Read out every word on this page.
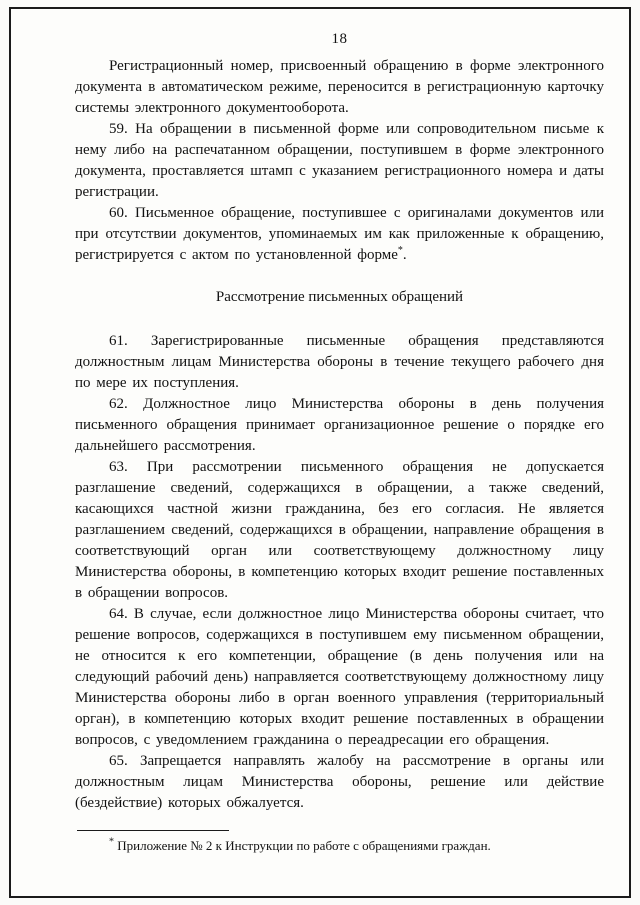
18

Регистрационный номер, присвоенный обращению в форме электронного документа в автоматическом режиме, переносится в регистрационную карточку системы электронного документооборота.

59. На обращении в письменной форме или сопроводительном письме к нему либо на распечатанном обращении, поступившем в форме электронного документа, проставляется штамп с указанием регистрационного номера и даты регистрации.

60. Письменное обращение, поступившее с оригиналами документов или при отсутствии документов, упоминаемых им как приложенные к обращению, регистрируется с актом по установленной форме*.

Рассмотрение письменных обращений

61. Зарегистрированные письменные обращения представляются должностным лицам Министерства обороны в течение текущего рабочего дня по мере их поступления.

62. Должностное лицо Министерства обороны в день получения письменного обращения принимает организационное решение о порядке его дальнейшего рассмотрения.

63. При рассмотрении письменного обращения не допускается разглашение сведений, содержащихся в обращении, а также сведений, касающихся частной жизни гражданина, без его согласия. Не является разглашением сведений, содержащихся в обращении, направление обращения в соответствующий орган или соответствующему должностному лицу Министерства обороны, в компетенцию которых входит решение поставленных в обращении вопросов.

64. В случае, если должностное лицо Министерства обороны считает, что решение вопросов, содержащихся в поступившем ему письменном обращении, не относится к его компетенции, обращение (в день получения или на следующий рабочий день) направляется соответствующему должностному лицу Министерства обороны либо в орган военного управления (территориальный орган), в компетенцию которых входит решение поставленных в обращении вопросов, с уведомлением гражданина о переадресации его обращения.

65. Запрещается направлять жалобу на рассмотрение в органы или должностным лицам Министерства обороны, решение или действие (бездействие) которых обжалуется.

* Приложение № 2 к Инструкции по работе с обращениями граждан.
